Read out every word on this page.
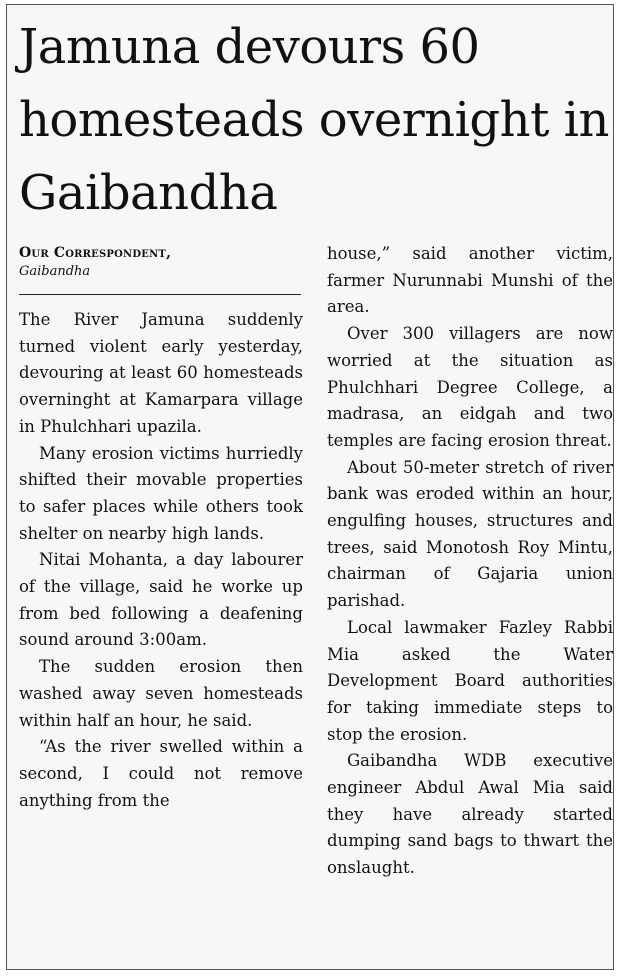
Jamuna devours 60 homesteads overnight in Gaibandha
Our Correspondent,
Gaibandha

The River Jamuna suddenly turned violent early yesterday, devouring at least 60 homesteads overninght at Kamarpara village in Phulchhari upazila.

Many erosion victims hurriedly shifted their movable properties to safer places while others took shelter on nearby high lands.

Nitai Mohanta, a day labourer of the village, said he worke up from bed following a deafening sound around 3:00am.

The sudden erosion then washed away seven homesteads within half an hour, he said.

“As the river swelled within a second, I could not remove anything from the

house,” said another victim, farmer Nurunnabi Munshi of the area.

Over 300 villagers are now worried at the situation as Phulchhari Degree College, a madrasa, an eidgah and two temples are facing erosion threat.

About 50-meter stretch of river bank was eroded within an hour, engulfing houses, structures and trees, said Monotosh Roy Mintu, chairman of Gajaria union parishad.

Local lawmaker Fazley Rabbi Mia asked the Water Development Board authorities for taking immediate steps to stop the erosion.

Gaibandha WDB executive engineer Abdul Awal Mia said they have already started dumping sand bags to thwart the onslaught.
